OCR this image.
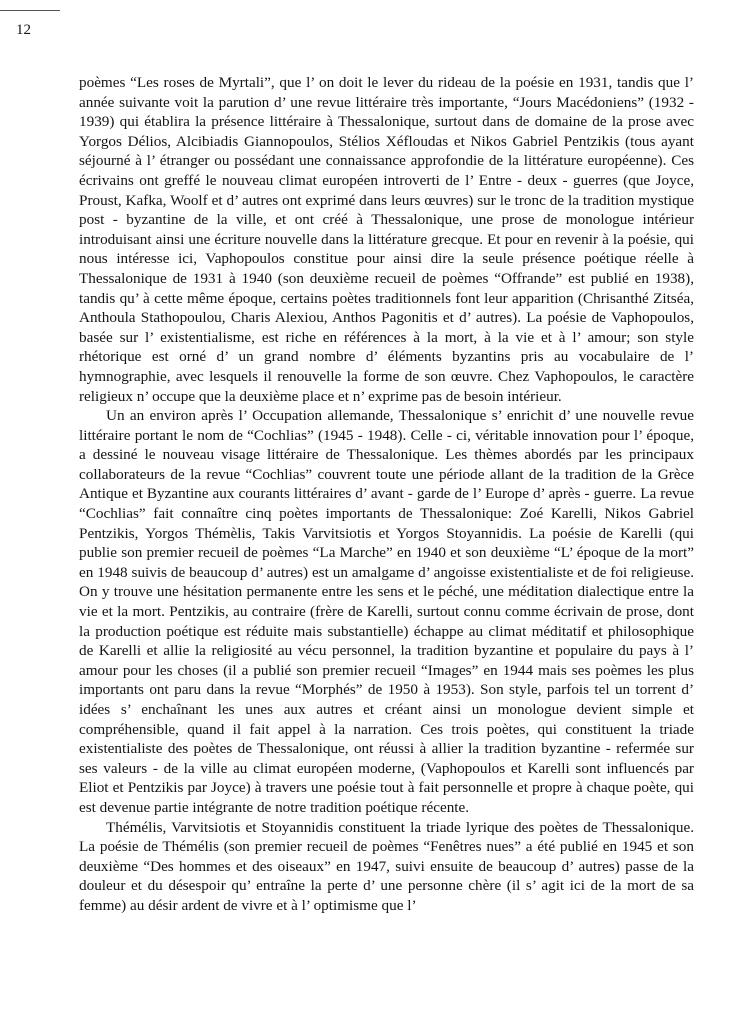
12

poèmes “Les roses de Myrtali”, que l’ on doit le lever du rideau de la poésie en 1931, tandis que l’ année suivante voit la parution d’ une revue littéraire très importante, “Jours Macédoniens” (1932 - 1939) qui établira la présence littéraire à Thessalonique, surtout dans de domaine de la prose avec Yorgos Délios, Alcibiadis Giannopoulos, Stélios Xéfloudas et Nikos Gabriel Pentzikis (tous ayant séjourné à l’ étranger ou possédant une connaissance approfondie de la littérature européenne). Ces écrivains ont greffé le nouveau climat européen introverti de l’ Entre - deux - guerres (que Joyce, Proust, Kafka, Woolf et d’ autres ont exprimé dans leurs œuvres) sur le tronc de la tradition mystique post - byzantine de la ville, et ont créé à Thessalonique, une prose de monologue intérieur introduisant ainsi une écriture nouvelle dans la littérature grecque. Et pour en revenir à la poésie, qui nous intéresse ici, Vaphopoulos constitue pour ainsi dire la seule présence poétique réelle à Thessalonique de 1931 à 1940 (son deuxième recueil de poèmes “Offrande” est publié en 1938), tandis qu’ à cette même époque, certains poètes traditionnels font leur apparition (Chrisanthé Zitséa, Anthoula Stathopoulou, Charis Alexiou, Anthos Pagonitis et d’ autres). La poésie de Vaphopoulos, basée sur l’ existentialisme, est riche en références à la mort, à la vie et à l’ amour; son style rhétorique est orné d’ un grand nombre d’ éléments byzantins pris au vocabulaire de l’ hymnographie, avec lesquels il renouvelle la forme de son œuvre. Chez Vaphopoulos, le caractère religieux n’ occupe que la deuxième place et n’ exprime pas de besoin intérieur.

Un an environ après l’ Occupation allemande, Thessalonique s’ enrichit d’ une nouvelle revue littéraire portant le nom de “Cochlias” (1945 - 1948). Celle - ci, véritable innovation pour l’ époque, a dessiné le nouveau visage littéraire de Thessalonique. Les thèmes abordés par les principaux collaborateurs de la revue “Cochlias” couvrent toute une période allant de la tradition de la Grèce Antique et Byzantine aux courants littéraires d’ avant - garde de l’ Europe d’ après - guerre. La revue “Cochlias” fait connaître cinq poètes importants de Thessalonique: Zoé Karelli, Nikos Gabriel Pentzikis, Yorgos Thémèlis, Takis Varvitsiotis et Yorgos Stoyannidis. La poésie de Karelli (qui publie son premier recueil de poèmes “La Marche” en 1940 et son deuxième “L’ époque de la mort” en 1948 suivis de beaucoup d’ autres) est un amalgame d’ angoisse existentialiste et de foi religieuse. On y trouve une hésitation permanente entre les sens et le péché, une méditation dialectique entre la vie et la mort. Pentzikis, au contraire (frère de Karelli, surtout connu comme écrivain de prose, dont la production poétique est réduite mais substantielle) échappe au climat méditatif et philosophique de Karelli et allie la religiosité au vécu personnel, la tradition byzantine et populaire du pays à l’ amour pour les choses (il a publié son premier recueil “Images” en 1944 mais ses poèmes les plus importants ont paru dans la revue “Morphés” de 1950 à 1953). Son style, parfois tel un torrent d’ idées s’ enchaînant les unes aux autres et créant ainsi un monologue devient simple et compréhensible, quand il fait appel à la narration. Ces trois poètes, qui constituent la triade existentialiste des poètes de Thessalonique, ont réussi à allier la tradition byzantine - refermée sur ses valeurs - de la ville au climat européen moderne, (Vaphopoulos et Karelli sont influencés par Eliot et Pentzikis par Joyce) à travers une poésie tout à fait personnelle et propre à chaque poète, qui est devenue partie intégrante de notre tradition poétique récente.

Thémélis, Varvitsiotis et Stoyannidis constituent la triade lyrique des poètes de Thessalonique. La poésie de Thémélis (son premier recueil de poèmes “Fenêtres nues” a été publié en 1945 et son deuxième “Des hommes et des oiseaux” en 1947, suivi ensuite de beaucoup d’ autres) passe de la douleur et du désespoir qu’ entraîne la perte d’ une personne chère (il s’ agit ici de la mort de sa femme) au désir ardent de vivre et à l’ optimisme que l’
